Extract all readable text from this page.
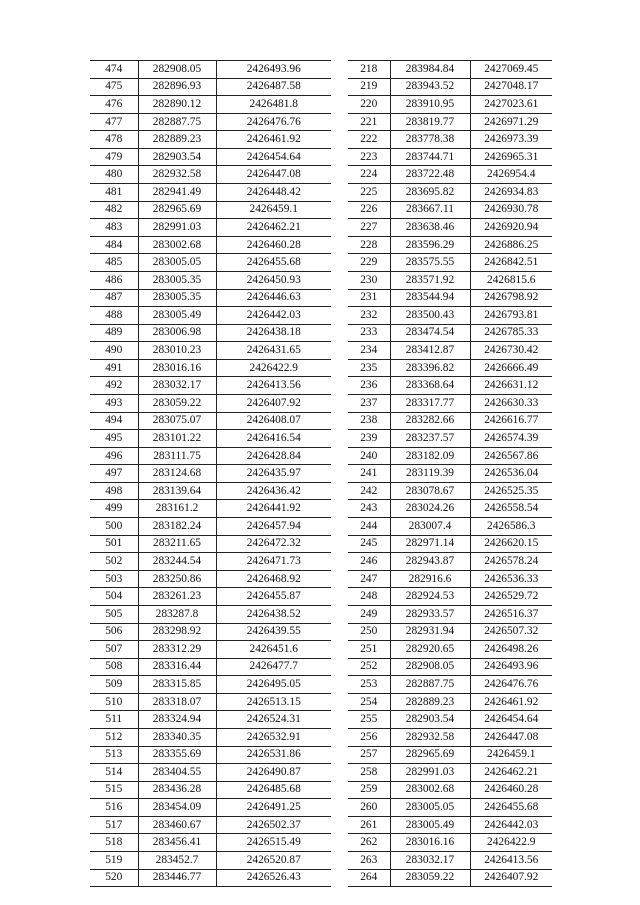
474	282908.05	2426493.96
475	282896.93	2426487.58
476	282890.12	2426481.8
477	282887.75	2426476.76
478	282889.23	2426461.92
479	282903.54	2426454.64
480	282932.58	2426447.08
481	282941.49	2426448.42
482	282965.69	2426459.1
483	282991.03	2426462.21
484	283002.68	2426460.28
485	283005.05	2426455.68
486	283005.35	2426450.93
487	283005.35	2426446.63
488	283005.49	2426442.03
489	283006.98	2426438.18
490	283010.23	2426431.65
491	283016.16	2426422.9
492	283032.17	2426413.56
493	283059.22	2426407.92
494	283075.07	2426408.07
495	283101.22	2426416.54
496	283111.75	2426428.84
497	283124.68	2426435.97
498	283139.64	2426436.42
499	283161.2	2426441.92
500	283182.24	2426457.94
501	283211.65	2426472.32
502	283244.54	2426471.73
503	283250.86	2426468.92
504	283261.23	2426455.87
505	283287.8	2426438.52
506	283298.92	2426439.55
507	283312.29	2426451.6
508	283316.44	2426477.7
509	283315.85	2426495.05
510	283318.07	2426513.15
511	283324.94	2426524.31
512	283340.35	2426532.91
513	283355.69	2426531.86
514	283404.55	2426490.87
515	283436.28	2426485.68
516	283454.09	2426491.25
517	283460.67	2426502.37
518	283456.41	2426515.49
519	283452.7	2426520.87
520	283446.77	2426526.43
218	283984.84	2427069.45
219	283943.52	2427048.17
220	283910.95	2427023.61
221	283819.77	2426971.29
222	283778.38	2426973.39
223	283744.71	2426965.31
224	283722.48	2426954.4
225	283695.82	2426934.83
226	283667.11	2426930.78
227	283638.46	2426920.94
228	283596.29	2426886.25
229	283575.55	2426842.51
230	283571.92	2426815.6
231	283544.94	2426798.92
232	283500.43	2426793.81
233	283474.54	2426785.33
234	283412.87	2426730.42
235	283396.82	2426666.49
236	283368.64	2426631.12
237	283317.77	2426630.33
238	283282.66	2426616.77
239	283237.57	2426574.39
240	283182.09	2426567.86
241	283119.39	2426536.04
242	283078.67	2426525.35
243	283024.26	2426558.54
244	283007.4	2426586.3
245	282971.14	2426620.15
246	282943.87	2426578.24
247	282916.6	2426536.33
248	282924.53	2426529.72
249	282933.57	2426516.37
250	282931.94	2426507.32
251	282920.65	2426498.26
252	282908.05	2426493.96
253	282887.75	2426476.76
254	282889.23	2426461.92
255	282903.54	2426454.64
256	282932.58	2426447.08
257	282965.69	2426459.1
258	282991.03	2426462.21
259	283002.68	2426460.28
260	283005.05	2426455.68
261	283005.49	2426442.03
262	283016.16	2426422.9
263	283032.17	2426413.56
264	283059.22	2426407.92
